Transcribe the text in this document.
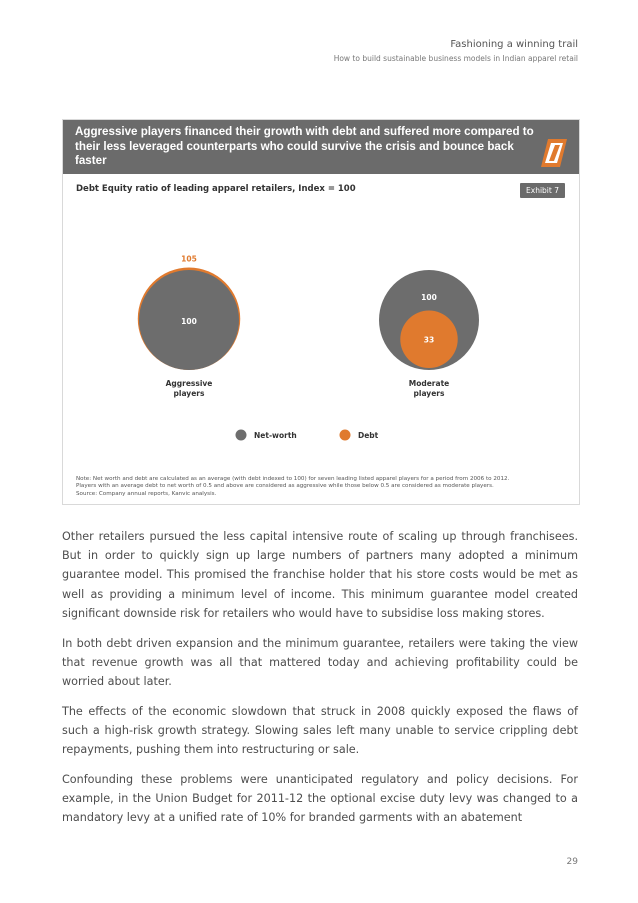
Fashioning a winning trail
How to build sustainable business models in Indian apparel retail
Aggressive players financed their growth with debt and suffered more compared to their less leveraged counterparts who could survive the crisis and bounce back faster
Debt Equity ratio of leading apparel retailers, Index = 100	Exhibit 7
105
100
Aggressive players
100
33
Moderate players
Net-worth	Debt
Note: Net worth and debt are calculated as an average (with debt indexed to 100) for seven leading listed apparel players for a period from 2006 to 2012.
Players with an average debt to net worth of 0.5 and above are considered as aggressive while those below 0.5 are considered as moderate players.
Source: Company annual reports, Kanvic analysis.

Other retailers pursued the less capital intensive route of scaling up through franchisees. But in order to quickly sign up large numbers of partners many adopted a minimum guarantee model. This promised the franchise holder that his store costs would be met as well as providing a minimum level of income. This minimum guarantee model created significant downside risk for retailers who would have to subsidise loss making stores.

In both debt driven expansion and the minimum guarantee, retailers were taking the view that revenue growth was all that mattered today and achieving profitability could be worried about later.

The effects of the economic slowdown that struck in 2008 quickly exposed the flaws of such a high-risk growth strategy. Slowing sales left many unable to service crippling debt repayments, pushing them into restructuring or sale.

Confounding these problems were unanticipated regulatory and policy decisions. For example, in the Union Budget for 2011-12 the optional excise duty levy was changed to a mandatory levy at a unified rate of 10% for branded garments with an abatement

29
